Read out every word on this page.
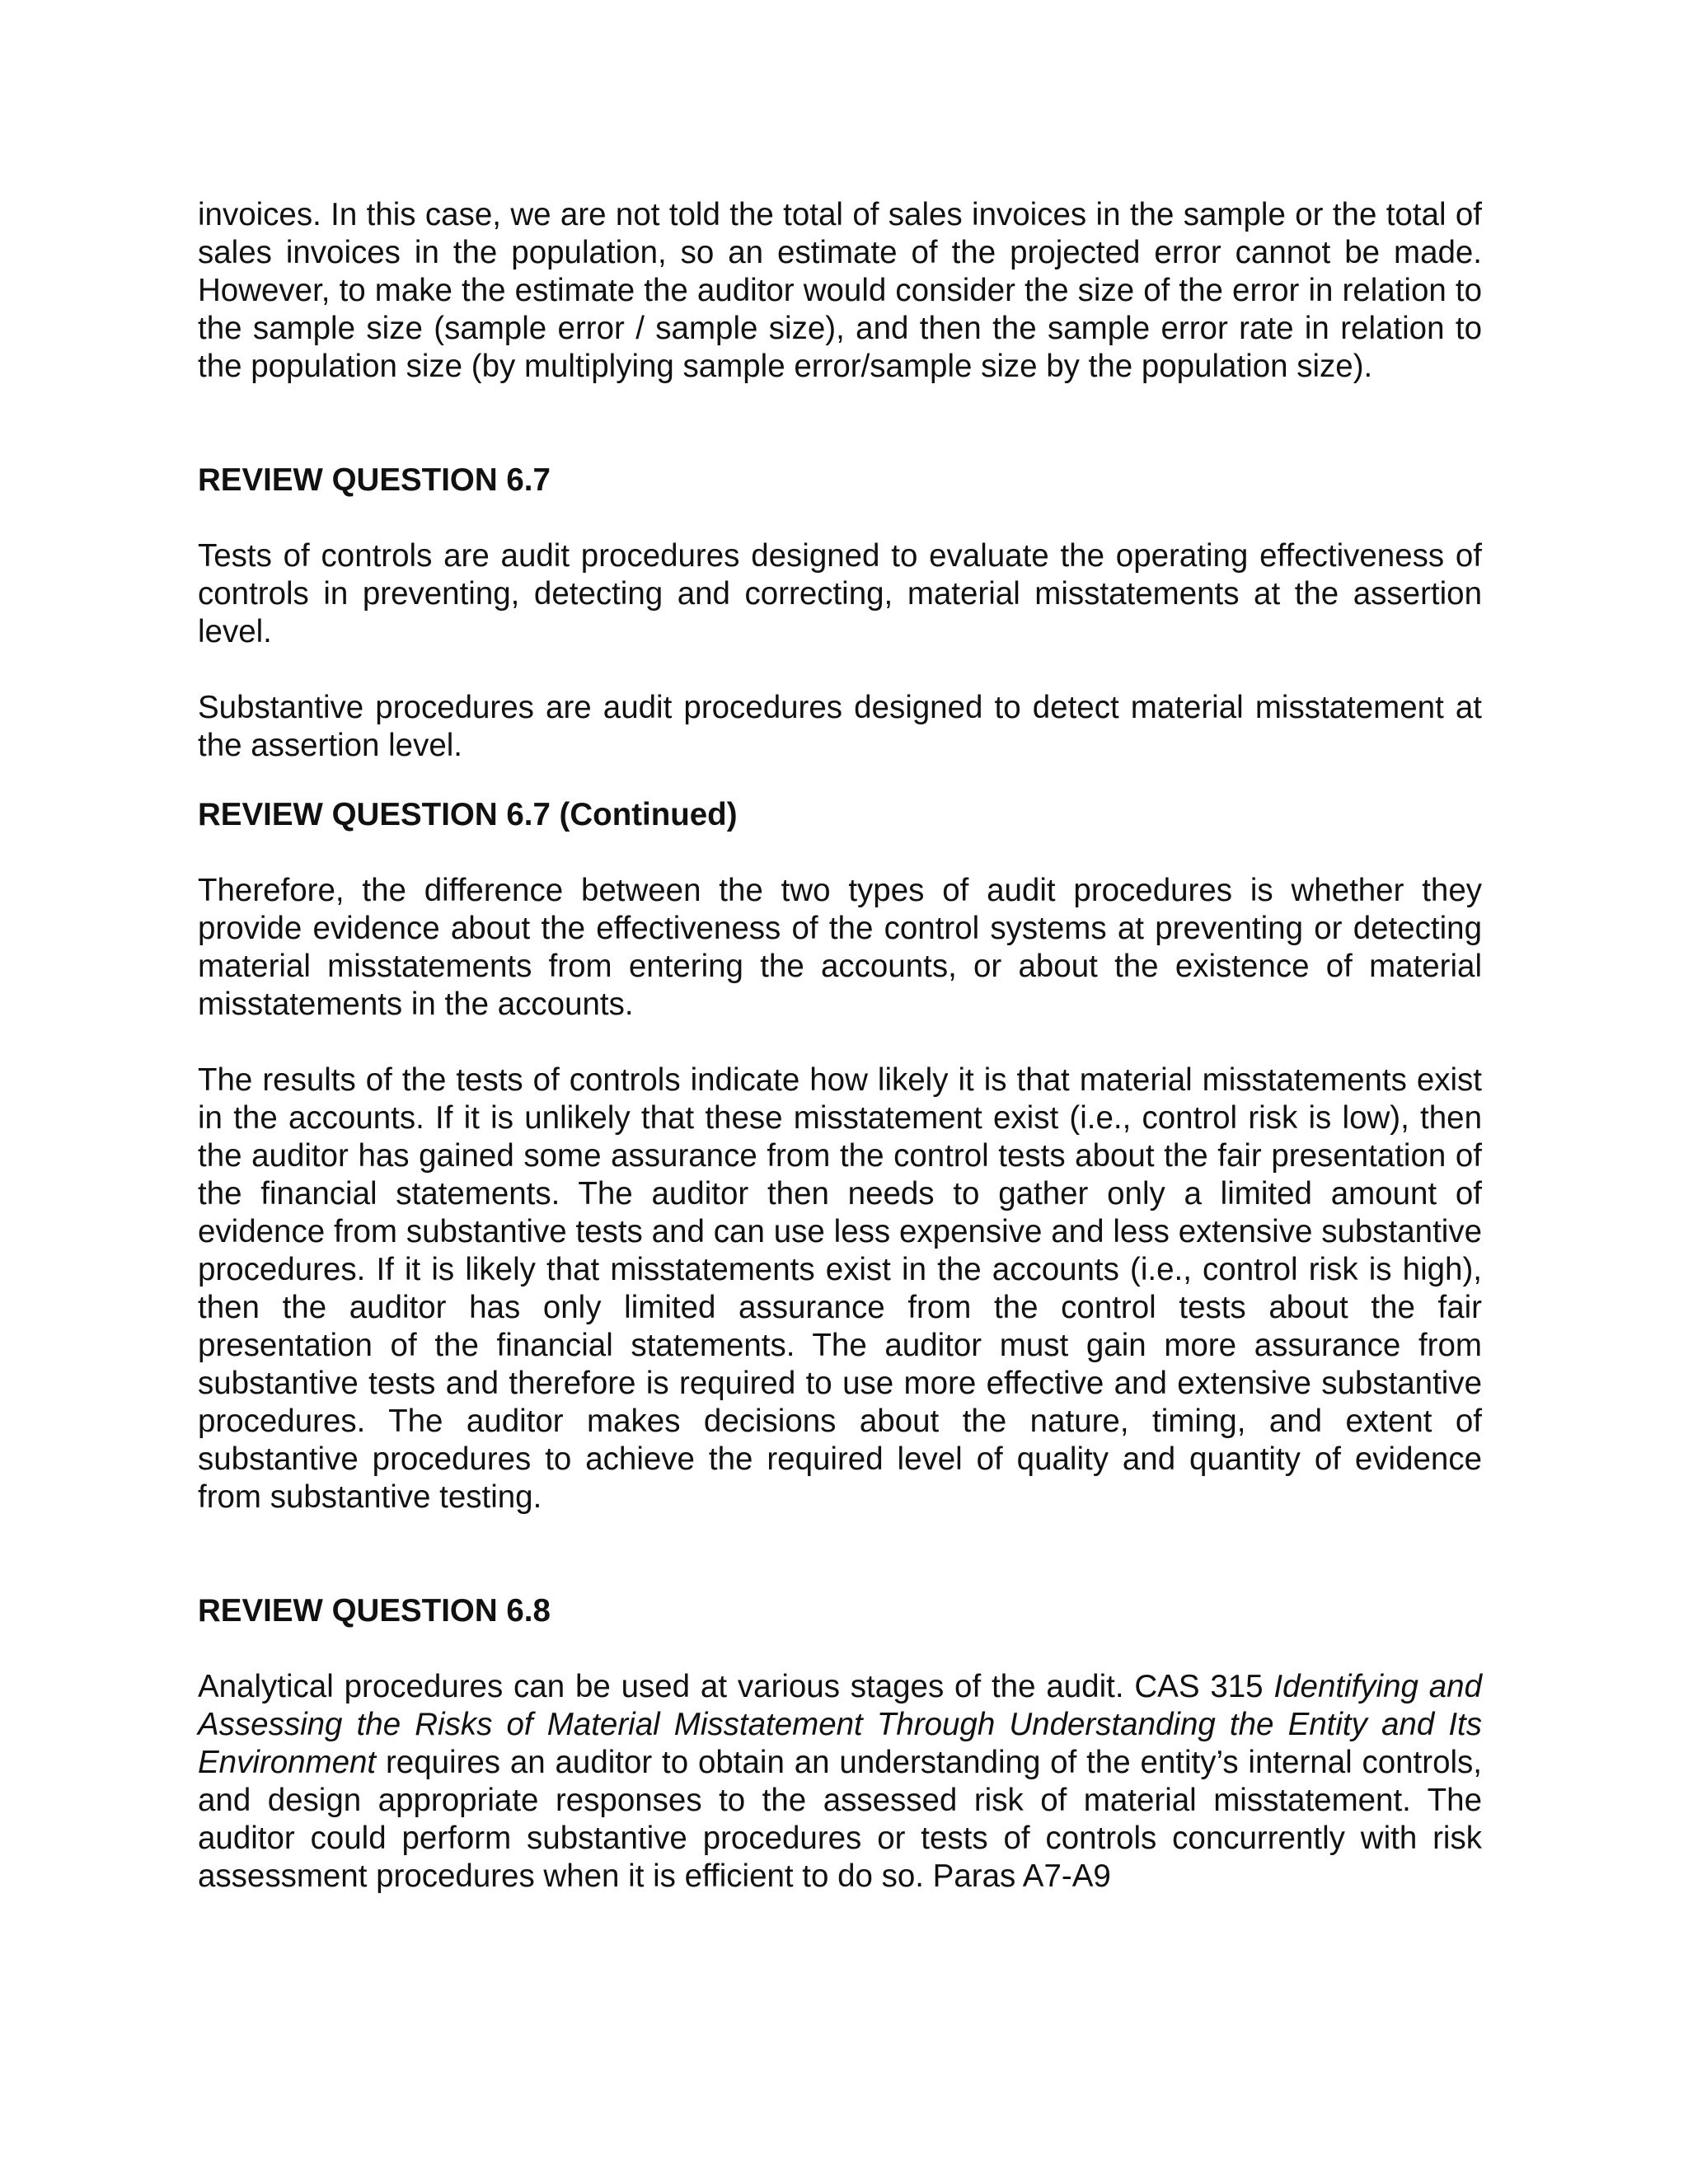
invoices. In this case, we are not told the total of sales invoices in the sample or the total of sales invoices in the population, so an estimate of the projected error cannot be made. However, to make the estimate the auditor would consider the size of the error in relation to the sample size (sample error / sample size), and then the sample error rate in relation to the population size (by multiplying sample error/sample size by the population size).

REVIEW QUESTION 6.7

Tests of controls are audit procedures designed to evaluate the operating effectiveness of controls in preventing, detecting and correcting, material misstatements at the assertion level.

Substantive procedures are audit procedures designed to detect material misstatement at the assertion level.

REVIEW QUESTION 6.7 (Continued)

Therefore, the difference between the two types of audit procedures is whether they provide evidence about the effectiveness of the control systems at preventing or detecting material misstatements from entering the accounts, or about the existence of material misstatements in the accounts.

The results of the tests of controls indicate how likely it is that material misstatements exist in the accounts. If it is unlikely that these misstatement exist (i.e., control risk is low), then the auditor has gained some assurance from the control tests about the fair presentation of the financial statements. The auditor then needs to gather only a limited amount of evidence from substantive tests and can use less expensive and less extensive substantive procedures. If it is likely that misstatements exist in the accounts (i.e., control risk is high), then the auditor has only limited assurance from the control tests about the fair presentation of the financial statements. The auditor must gain more assurance from substantive tests and therefore is required to use more effective and extensive substantive procedures. The auditor makes decisions about the nature, timing, and extent of substantive procedures to achieve the required level of quality and quantity of evidence from substantive testing.

REVIEW QUESTION 6.8

Analytical procedures can be used at various stages of the audit. CAS 315 Identifying and Assessing the Risks of Material Misstatement Through Understanding the Entity and Its Environment requires an auditor to obtain an understanding of the entity’s internal controls, and design appropriate responses to the assessed risk of material misstatement. The auditor could perform substantive procedures or tests of controls concurrently with risk assessment procedures when it is efficient to do so. Paras A7-A9
